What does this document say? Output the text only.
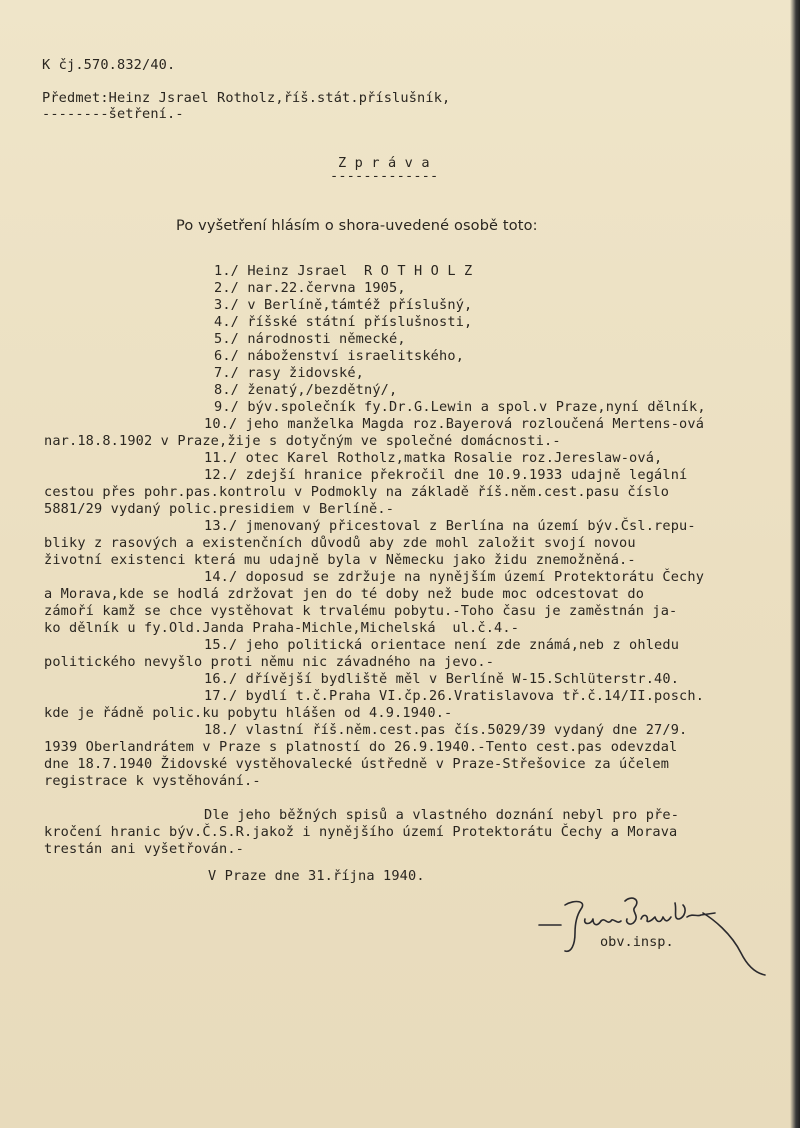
K čj.570.832/40.
Předmet:Heinz Jsrael Rotholz,říš.stát.příslušník,
--------šetření.-
Z p r á v a
-------------
Po vyšetření hlásím o shora-uvedené osobě toto:
1./ Heinz Jsrael  R O T H O L Z
2./ nar.22.června 1905,
3./ v Berlíně,támtéž příslušný,
4./ říšské státní příslušnosti,
5./ národnosti německé,
6./ náboženství israelitského,
7./ rasy židovské,
8./ ženatý,/bezdětný/,
9./ býv.společník fy.Dr.G.Lewin a spol.v Praze,nyní dělník,
10./ jeho manželka Magda roz.Bayerová rozloučená Mertens-ová
nar.18.8.1902 v Praze,žije s dotyčným ve společné domácnosti.-
11./ otec Karel Rotholz,matka Rosalie roz.Jereslaw-ová,
12./ zdejší hranice překročil dne 10.9.1933 udajně legální
cestou přes pohr.pas.kontrolu v Podmokly na základě říš.něm.cest.pasu číslo
5881/29 vydaný polic.presidiem v Berlíně.-
13./ jmenovaný přicestoval z Berlína na území býv.Čsl.repu-
bliky z rasových a existenčních důvodů aby zde mohl založit svojí novou
životní existenci která mu udajně byla v Německu jako židu znemožněná.-
14./ doposud se zdržuje na nynějším území Protektorátu Čechy
a Morava,kde se hodlá zdržovat jen do té doby než bude moc odcestovat do
zámoří kamž se chce vystěhovat k trvalému pobytu.-Toho času je zaměstnán ja-
ko dělník u fy.Old.Janda Praha-Michle,Michelská  ul.č.4.-
15./ jeho politická orientace není zde známá,neb z ohledu
politického nevyšlo proti němu nic závadného na jevo.-
16./ dřívější bydliště měl v Berlíně W-15.Schlüterstr.40.
17./ bydlí t.č.Praha VI.čp.26.Vratislavova tř.č.14/II.posch.
kde je řádně polic.ku pobytu hlášen od 4.9.1940.-
18./ vlastní říš.něm.cest.pas čís.5029/39 vydaný dne 27/9.
1939 Oberlandrátem v Praze s platností do 26.9.1940.-Tento cest.pas odevzdal
dne 18.7.1940 Židovské vystěhovalecké ústředně v Praze-Střešovice za účelem
registrace k vystěhování.-
Dle jeho běžných spisů a vlastného doznání nebyl pro pře-
kročení hranic býv.Č.S.R.jakož i nynějšího území Protektorátu Čechy a Morava
trestán ani vyšetřován.-
V Praze dne 31.října 1940.
obv.insp.
